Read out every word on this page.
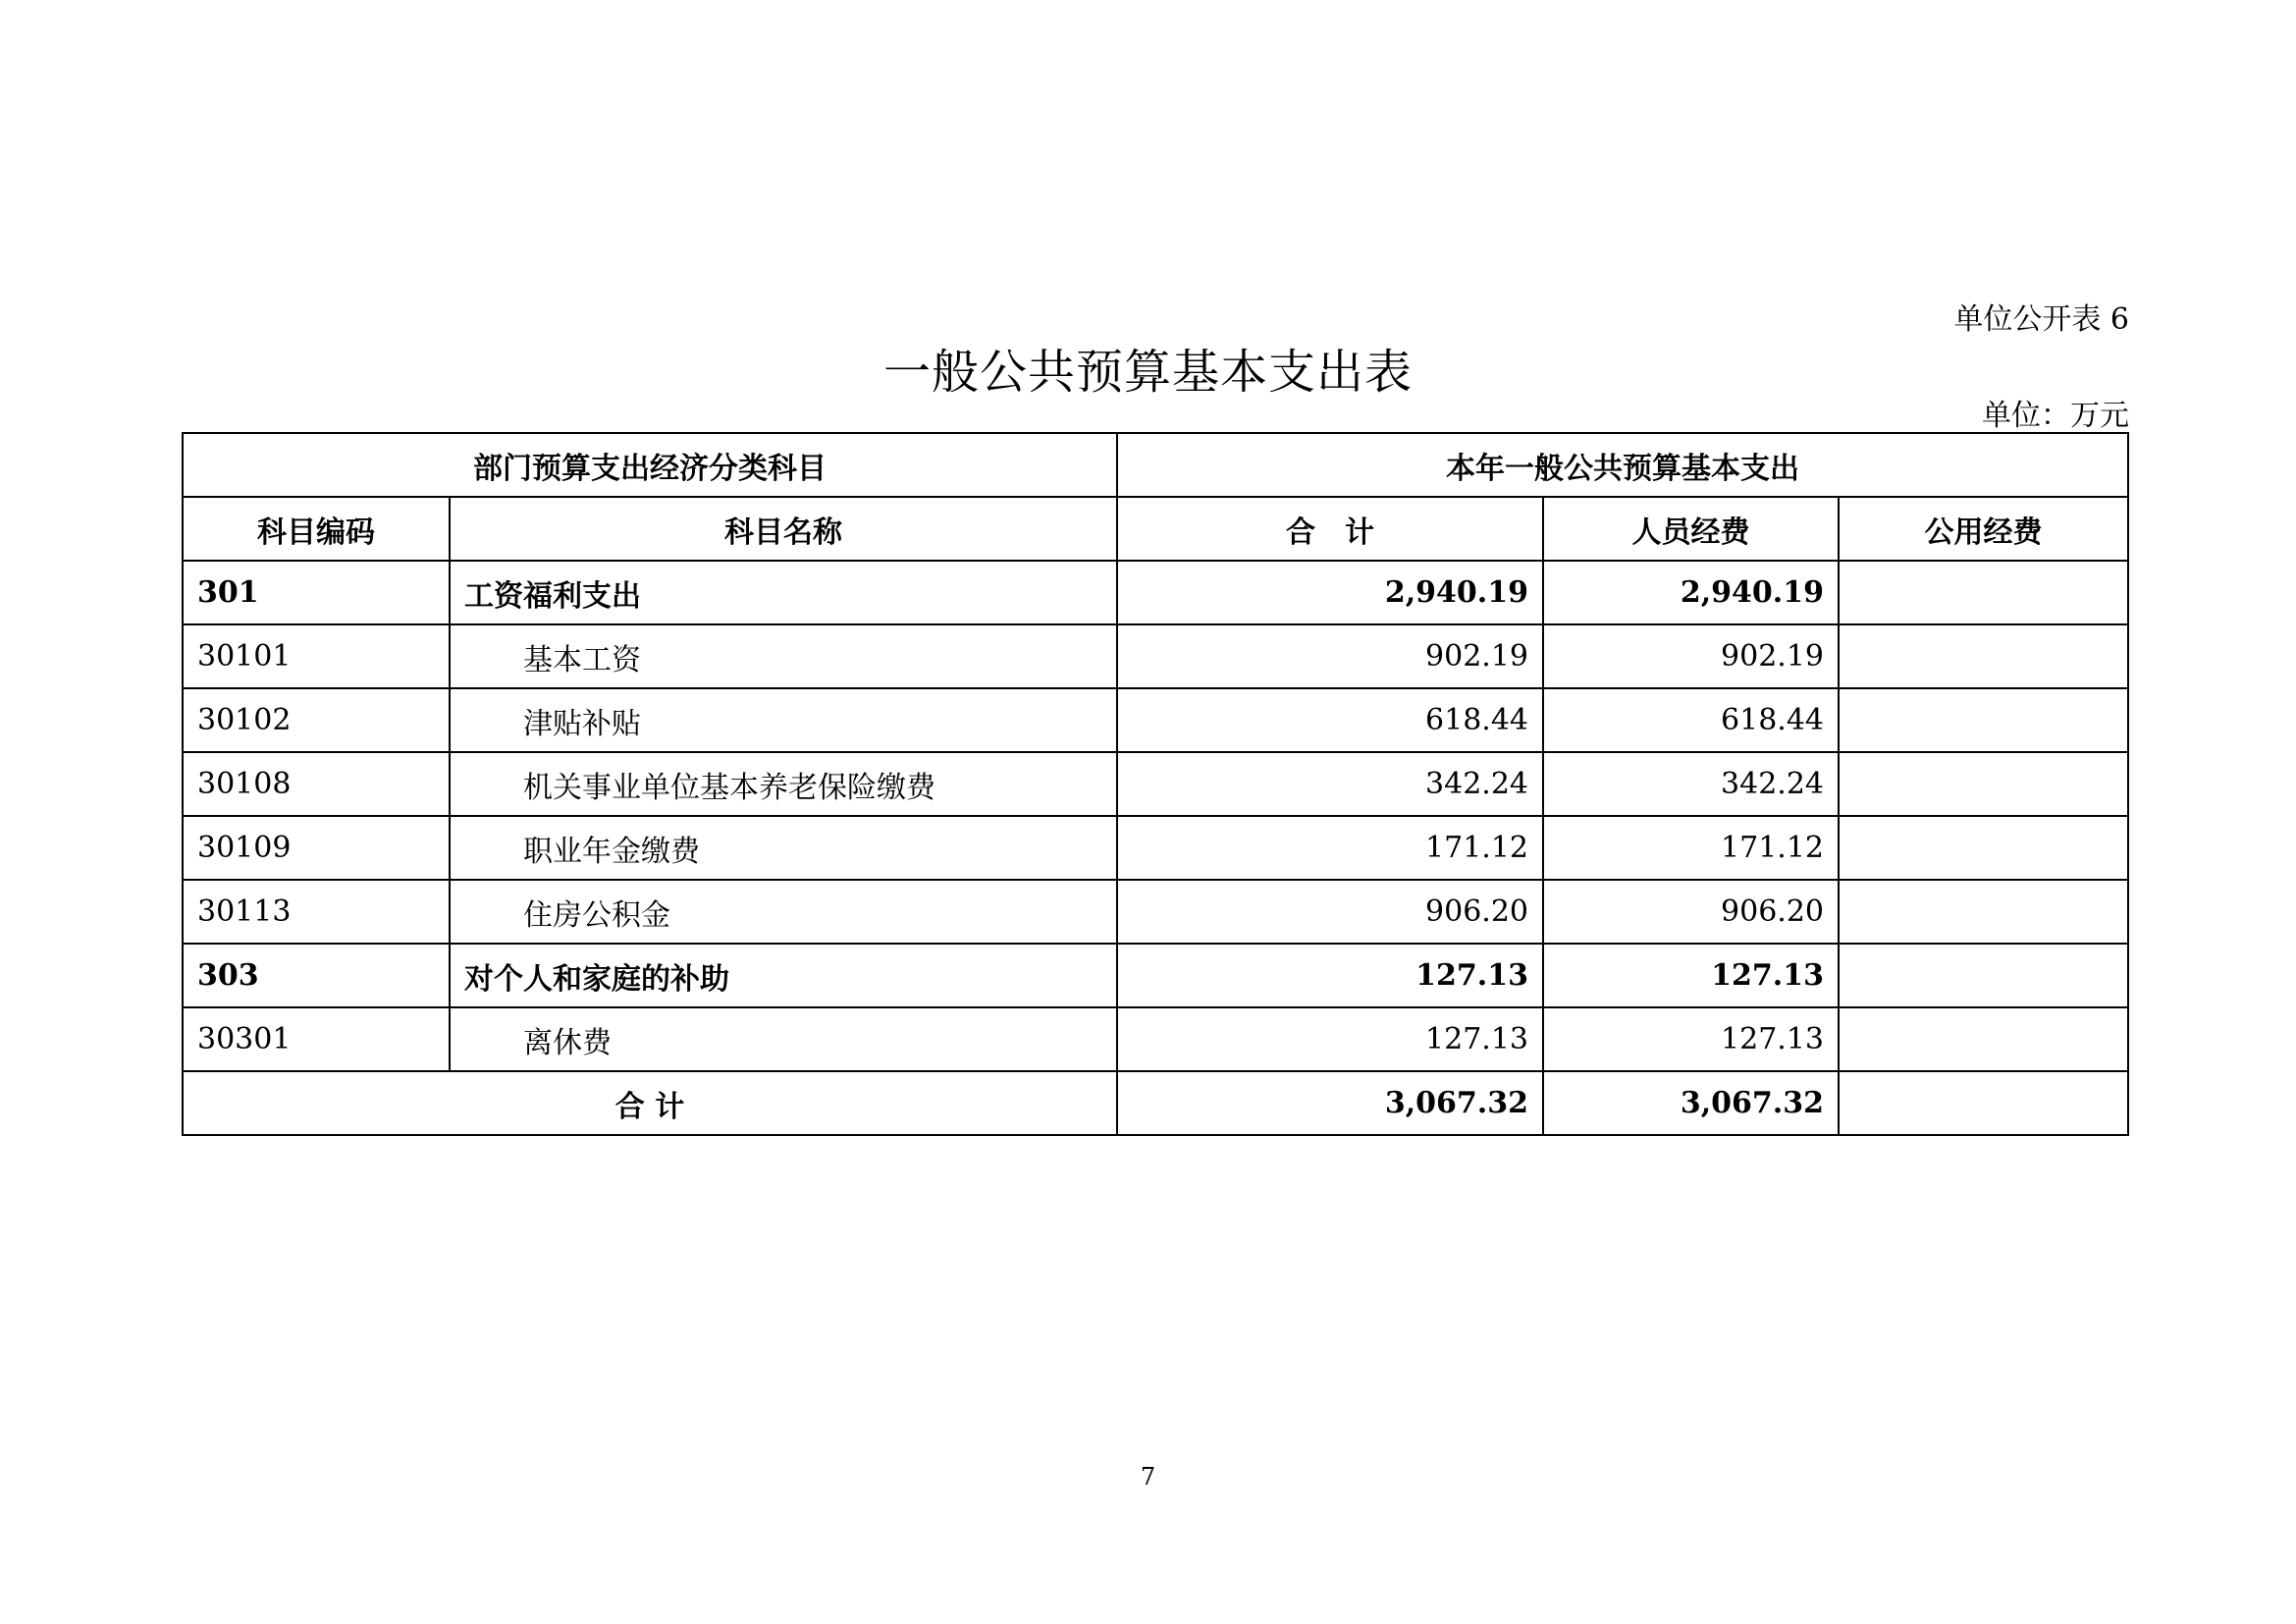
单位公开表 6
一般公共预算基本支出表
单位：万元
部门预算支出经济分类科目		本年一般公共预算基本支出		
科目编码	科目名称	合　计	人员经费	公用经费
301	工资福利支出	2,940.19	2,940.19	
30101	基本工资	902.19	902.19	
30102	津贴补贴	618.44	618.44	
30108	机关事业单位基本养老保险缴费	342.24	342.24	
30109	职业年金缴费	171.12	171.12	
30113	住房公积金	906.20	906.20	
303	对个人和家庭的补助	127.13	127.13	
30301	离休费	127.13	127.13	
合 计		3,067.32	3,067.32	
7
